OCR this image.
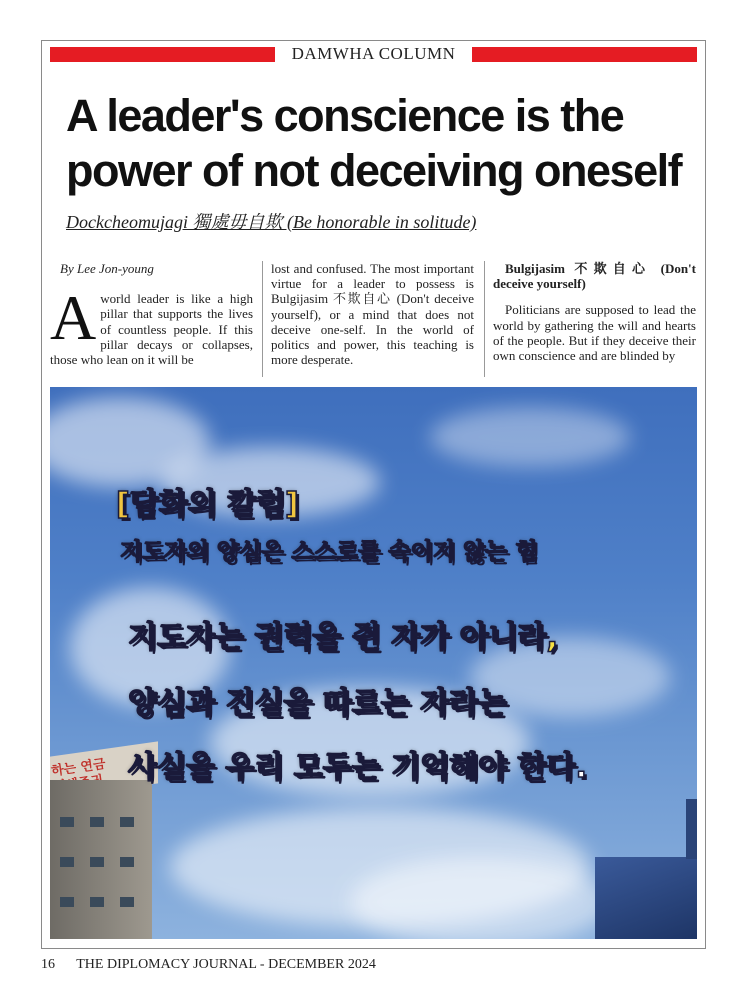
DAMWHA COLUMN
A leader's conscience is the
power of not deceiving oneself
Dockcheomujagi 獨處毋自欺 (Be honorable in solitude)

By Lee Jon-young

Aworld leader is like a high pillar that supports the lives of countless people. If this pillar decays or collapses, those who lean on it will be

lost and confused. The most important virtue for a leader to possess is Bulgijasim 不欺自心 (Don't deceive yourself), or a mind that does not deceive one-self. In the world of politics and power, this teaching is more desperate.

Bulgijasim 不欺自心 (Don't deceive yourself)

Politicians are supposed to lead the world by gathering the will and hearts of the people. But if they deceive their own conscience and are blinded by

하는 연금

[담화의 칼럼]
지도자의 양심은 스스로를 속이지 않는 힘
지도자는 권력을 쥔 자가 아니라,
양심과 진실을 따르는 자라는
사실을 우리 모두는 기억해야 한다.
16 THE DIPLOMACY JOURNAL - DECEMBER 2024
